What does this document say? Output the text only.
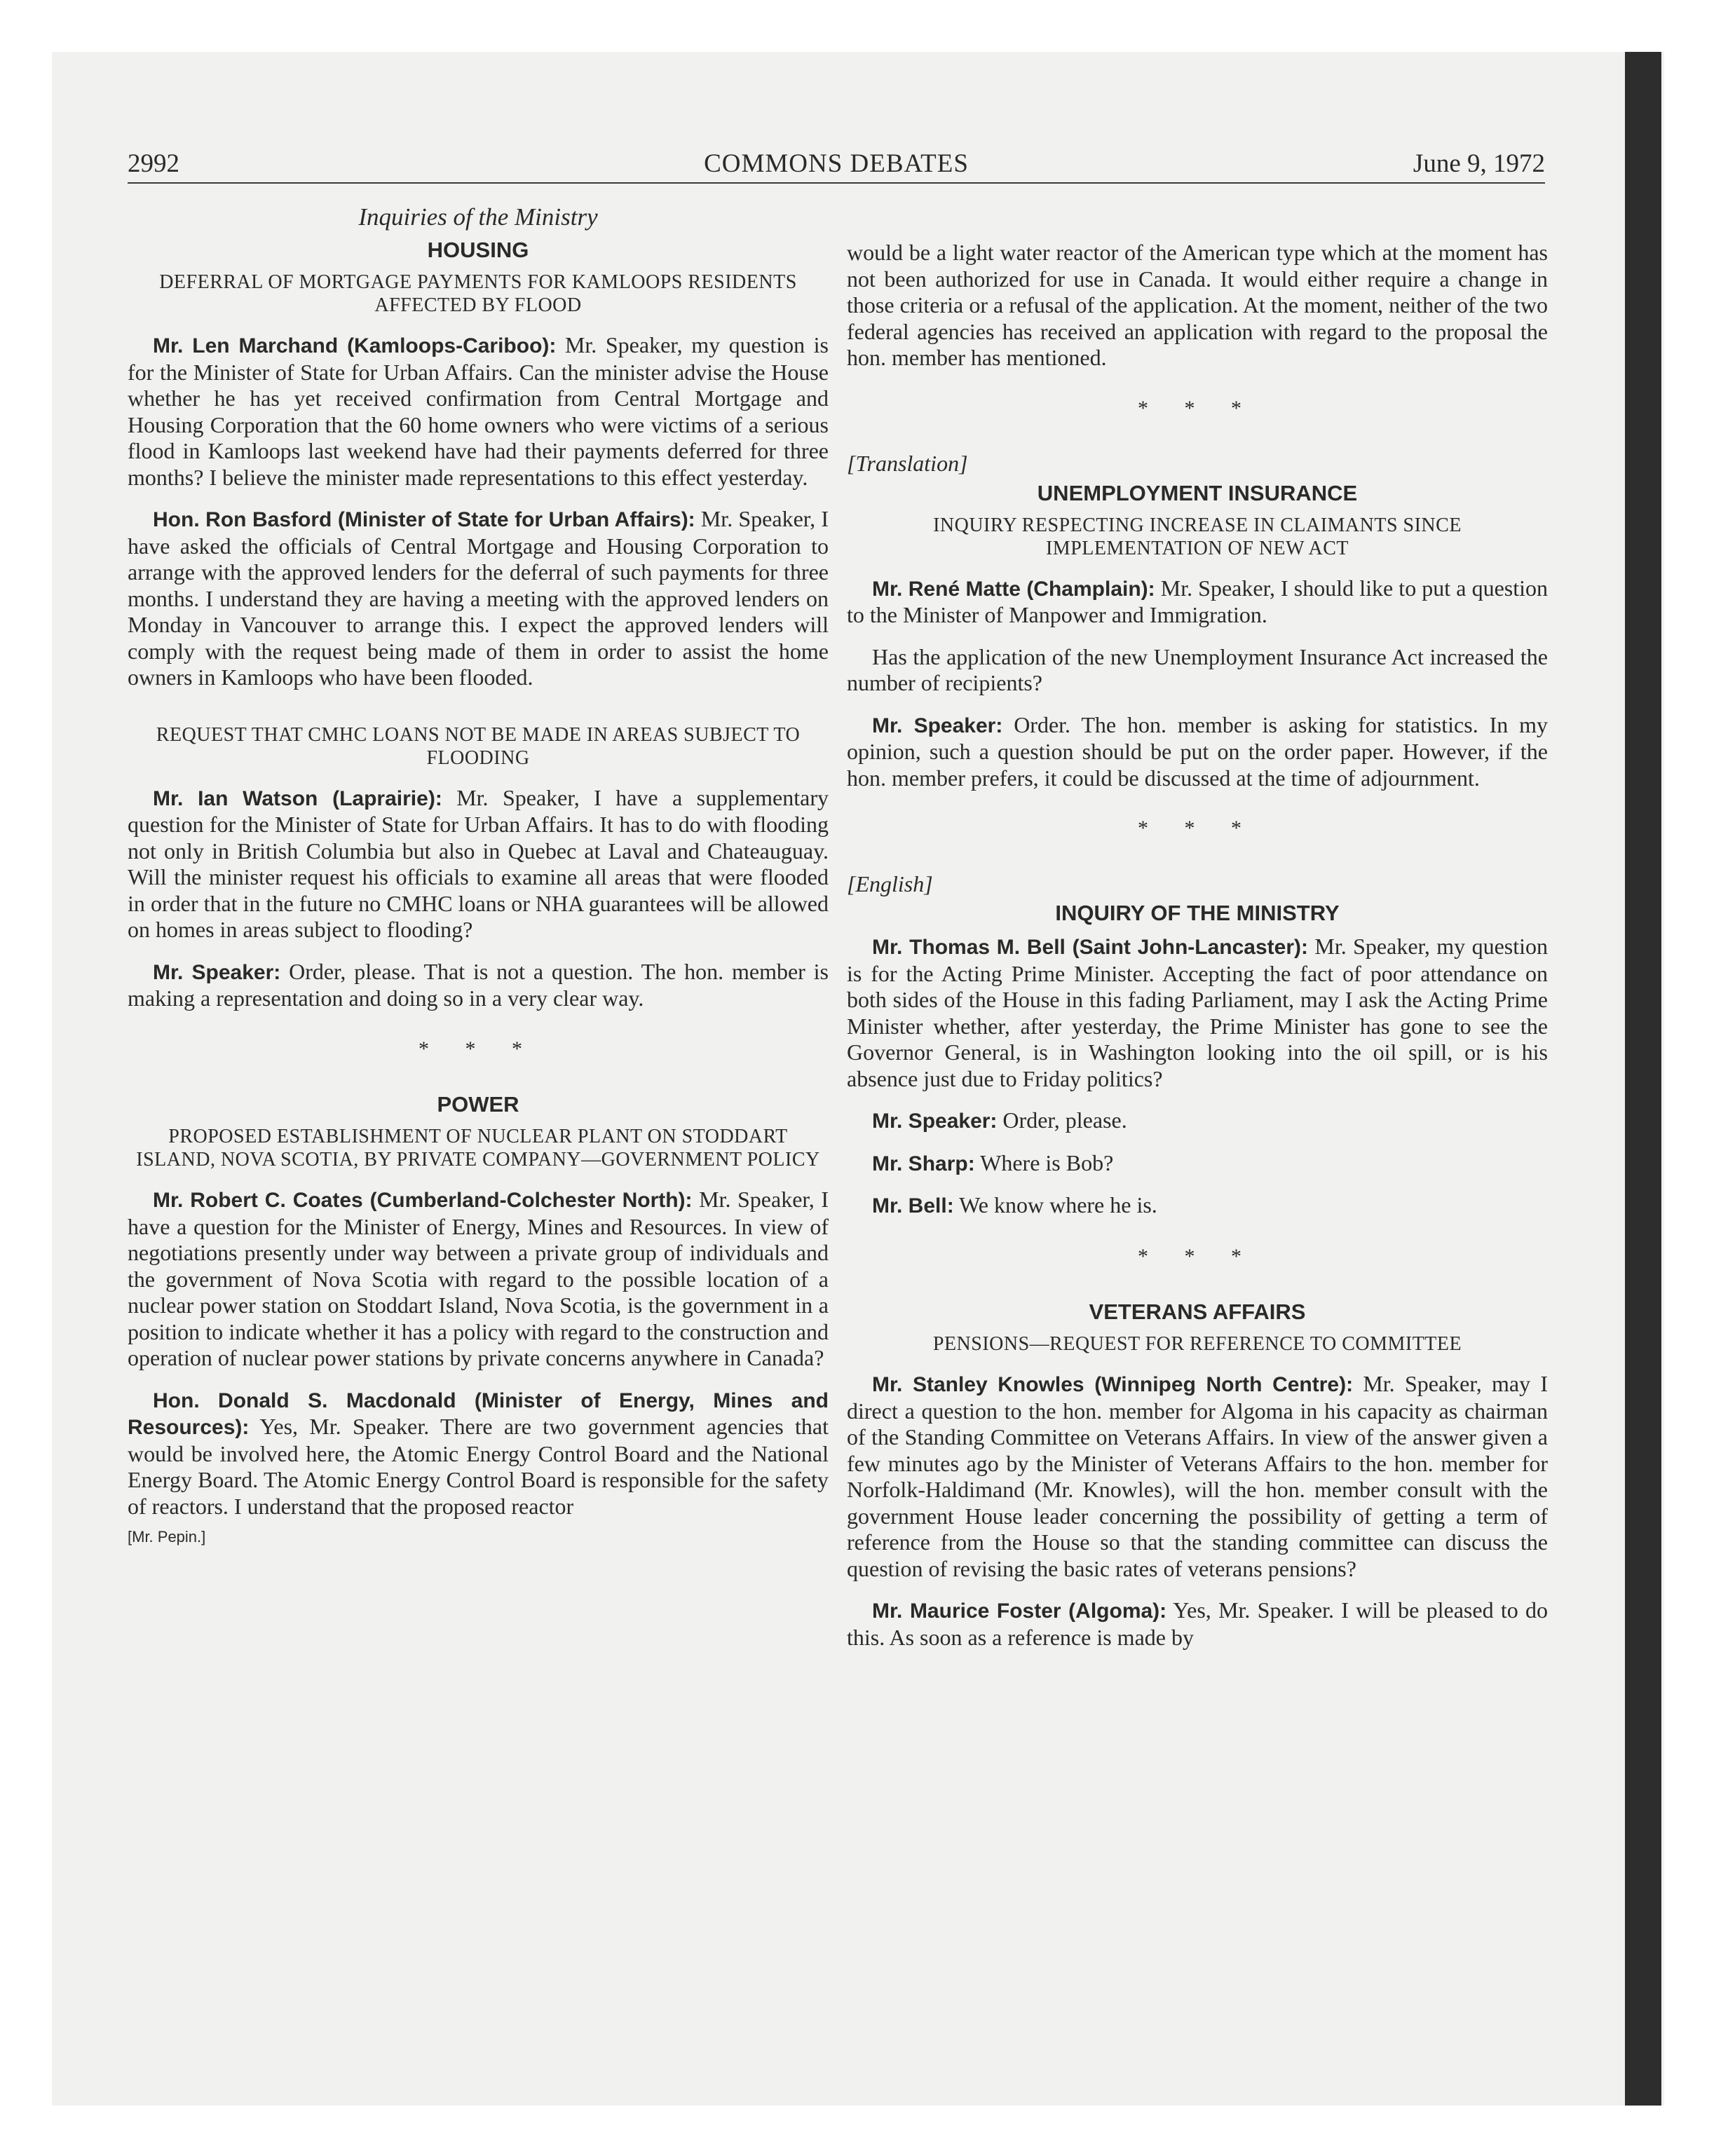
2992	COMMONS DEBATES	June 9, 1972
Inquiries of the Ministry
HOUSING
DEFERRAL OF MORTGAGE PAYMENTS FOR KAMLOOPS RESIDENTS AFFECTED BY FLOOD

Mr. Len Marchand (Kamloops-Cariboo): Mr. Speaker, my question is for the Minister of State for Urban Affairs. Can the minister advise the House whether he has yet received confirmation from Central Mortgage and Housing Corporation that the 60 home owners who were victims of a serious flood in Kamloops last weekend have had their payments deferred for three months? I believe the minister made representations to this effect yesterday.

Hon. Ron Basford (Minister of State for Urban Affairs): Mr. Speaker, I have asked the officials of Central Mortgage and Housing Corporation to arrange with the approved lenders for the deferral of such payments for three months. I understand they are having a meeting with the approved lenders on Monday in Vancouver to arrange this. I expect the approved lenders will comply with the request being made of them in order to assist the home owners in Kamloops who have been flooded.

REQUEST THAT CMHC LOANS NOT BE MADE IN AREAS SUBJECT TO FLOODING

Mr. Ian Watson (Laprairie): Mr. Speaker, I have a supplementary question for the Minister of State for Urban Affairs. It has to do with flooding not only in British Columbia but also in Quebec at Laval and Chateauguay. Will the minister request his officials to examine all areas that were flooded in order that in the future no CMHC loans or NHA guarantees will be allowed on homes in areas subject to flooding?

Mr. Speaker: Order, please. That is not a question. The hon. member is making a representation and doing so in a very clear way.

* * *
POWER
PROPOSED ESTABLISHMENT OF NUCLEAR PLANT ON STODDART ISLAND, NOVA SCOTIA, BY PRIVATE COMPANY—GOVERNMENT POLICY

Mr. Robert C. Coates (Cumberland-Colchester North): Mr. Speaker, I have a question for the Minister of Energy, Mines and Resources. In view of negotiations presently under way between a private group of individuals and the government of Nova Scotia with regard to the possible location of a nuclear power station on Stoddart Island, Nova Scotia, is the government in a position to indicate whether it has a policy with regard to the construction and operation of nuclear power stations by private concerns anywhere in Canada?

Hon. Donald S. Macdonald (Minister of Energy, Mines and Resources): Yes, Mr. Speaker. There are two government agencies that would be involved here, the Atomic Energy Control Board and the National Energy Board. The Atomic Energy Control Board is responsible for the safety of reactors. I understand that the proposed reactor

[Mr. Pepin.]

would be a light water reactor of the American type which at the moment has not been authorized for use in Canada. It would either require a change in those criteria or a refusal of the application. At the moment, neither of the two federal agencies has received an application with regard to the proposal the hon. member has mentioned.

* * *
[Translation]
UNEMPLOYMENT INSURANCE
INQUIRY RESPECTING INCREASE IN CLAIMANTS SINCE IMPLEMENTATION OF NEW ACT

Mr. René Matte (Champlain): Mr. Speaker, I should like to put a question to the Minister of Manpower and Immigration.

Has the application of the new Unemployment Insurance Act increased the number of recipients?

Mr. Speaker: Order. The hon. member is asking for statistics. In my opinion, such a question should be put on the order paper. However, if the hon. member prefers, it could be discussed at the time of adjournment.

* * *
[English]
INQUIRY OF THE MINISTRY

Mr. Thomas M. Bell (Saint John-Lancaster): Mr. Speaker, my question is for the Acting Prime Minister. Accepting the fact of poor attendance on both sides of the House in this fading Parliament, may I ask the Acting Prime Minister whether, after yesterday, the Prime Minister has gone to see the Governor General, is in Washington looking into the oil spill, or is his absence just due to Friday politics?

Mr. Speaker: Order, please.

Mr. Sharp: Where is Bob?

Mr. Bell: We know where he is.

* * *
VETERANS AFFAIRS
PENSIONS—REQUEST FOR REFERENCE TO COMMITTEE

Mr. Stanley Knowles (Winnipeg North Centre): Mr. Speaker, may I direct a question to the hon. member for Algoma in his capacity as chairman of the Standing Committee on Veterans Affairs. In view of the answer given a few minutes ago by the Minister of Veterans Affairs to the hon. member for Norfolk-Haldimand (Mr. Knowles), will the hon. member consult with the government House leader concerning the possibility of getting a term of reference from the House so that the standing committee can discuss the question of revising the basic rates of veterans pensions?

Mr. Maurice Foster (Algoma): Yes, Mr. Speaker. I will be pleased to do this. As soon as a reference is made by
